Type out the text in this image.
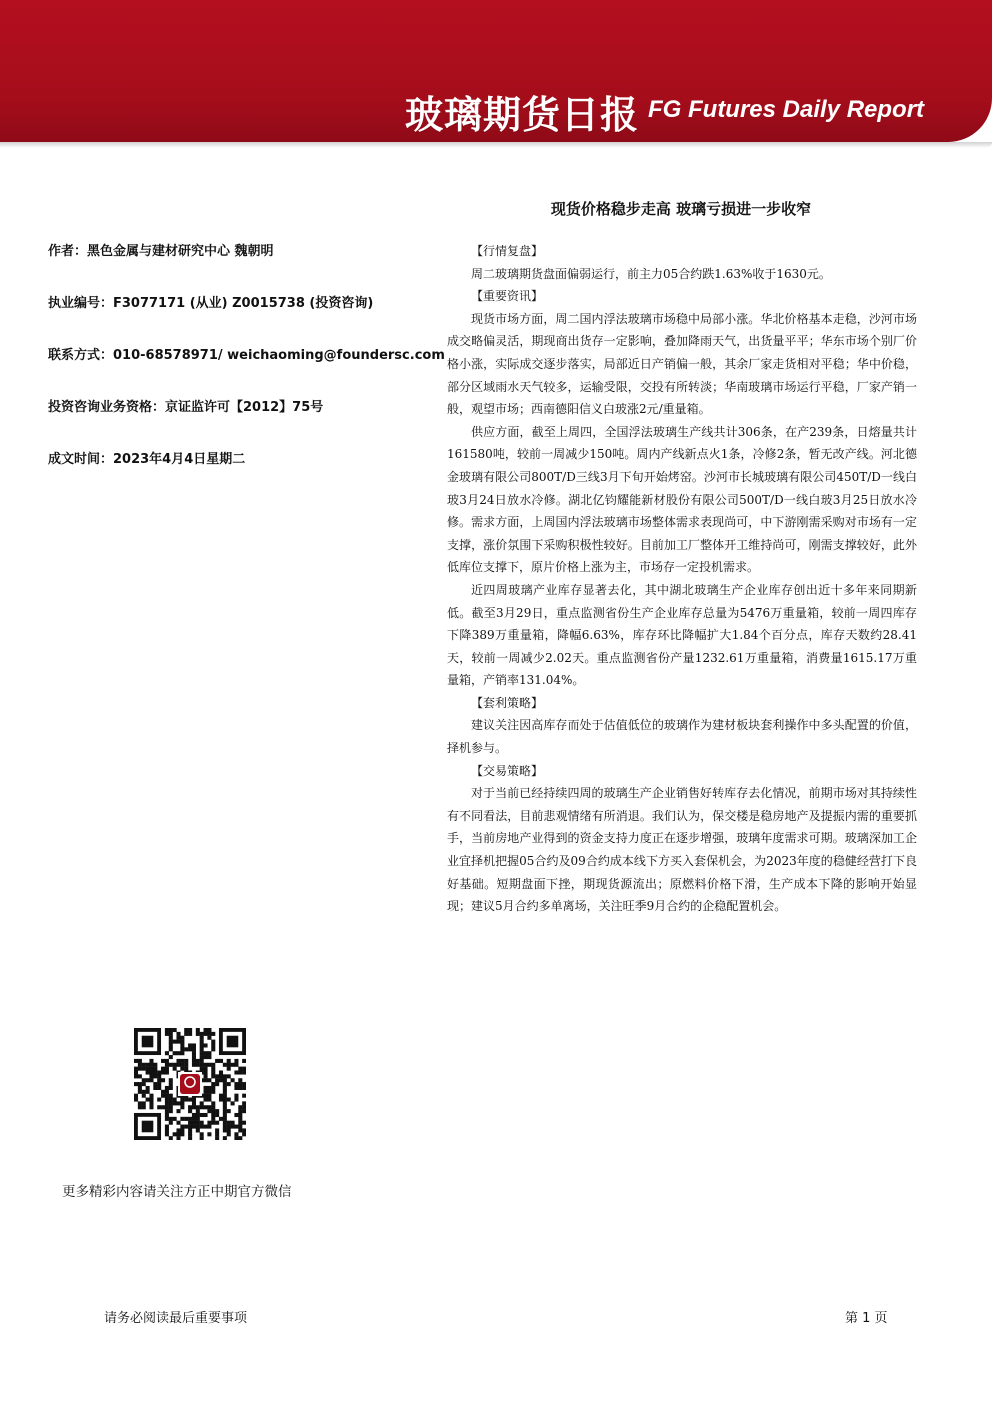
玻璃期货日报 FG Futures Daily Report
现货价格稳步走高 玻璃亏损进一步收窄
作者：黑色金属与建材研究中心 魏朝明
执业编号：F3077171 (从业) Z0015738 (投资咨询)
联系方式：010-68578971/ weichaoming@foundersc.com
投资咨询业务资格：京证监许可【2012】75号
成文时间：2023年4月4日星期二

【行情复盘】

周二玻璃期货盘面偏弱运行，前主力05合约跌1.63%收于1630元。

【重要资讯】

现货市场方面，周二国内浮法玻璃市场稳中局部小涨。华北价格基本走稳，沙河市场成交略偏灵活，期现商出货存一定影响，叠加降雨天气，出货量平平；华东市场个别厂价格小涨，实际成交逐步落实，局部近日产销偏一般，其余厂家走货相对平稳；华中价稳，部分区域雨水天气较多，运输受限，交投有所转淡；华南玻璃市场运行平稳，厂家产销一般，观望市场；西南德阳信义白玻涨2元/重量箱。

供应方面，截至上周四，全国浮法玻璃生产线共计306条，在产239条，日熔量共计161580吨，较前一周减少150吨。周内产线新点火1条，冷修2条，暂无改产线。河北德金玻璃有限公司800T/D三线3月下旬开始烤窑。沙河市长城玻璃有限公司450T/D一线白玻3月24日放水冷修。湖北亿钧耀能新材股份有限公司500T/D一线白玻3月25日放水冷修。需求方面，上周国内浮法玻璃市场整体需求表现尚可，中下游刚需采购对市场有一定支撑，涨价氛围下采购积极性较好。目前加工厂整体开工维持尚可，刚需支撑较好，此外低库位支撑下，原片价格上涨为主，市场存一定投机需求。

近四周玻璃产业库存显著去化，其中湖北玻璃生产企业库存创出近十多年来同期新低。截至3月29日，重点监测省份生产企业库存总量为5476万重量箱，较前一周四库存下降389万重量箱，降幅6.63%，库存环比降幅扩大1.84个百分点，库存天数约28.41天，较前一周减少2.02天。重点监测省份产量1232.61万重量箱，消费量1615.17万重量箱，产销率131.04%。

【套利策略】

建议关注因高库存而处于估值低位的玻璃作为建材板块套利操作中多头配置的价值，择机参与。

【交易策略】

对于当前已经持续四周的玻璃生产企业销售好转库存去化情况，前期市场对其持续性有不同看法，目前悲观情绪有所消退。我们认为，保交楼是稳房地产及提振内需的重要抓手，当前房地产业得到的资金支持力度正在逐步增强，玻璃年度需求可期。玻璃深加工企业宜择机把握05合约及09合约成本线下方买入套保机会，为2023年度的稳健经营打下良好基础。短期盘面下挫，期现货源流出；原燃料价格下滑，生产成本下降的影响开始显现；建议5月合约多单离场，关注旺季9月合约的企稳配置机会。

更多精彩内容请关注方正中期官方微信
请务必阅读最后重要事项	第 1 页
